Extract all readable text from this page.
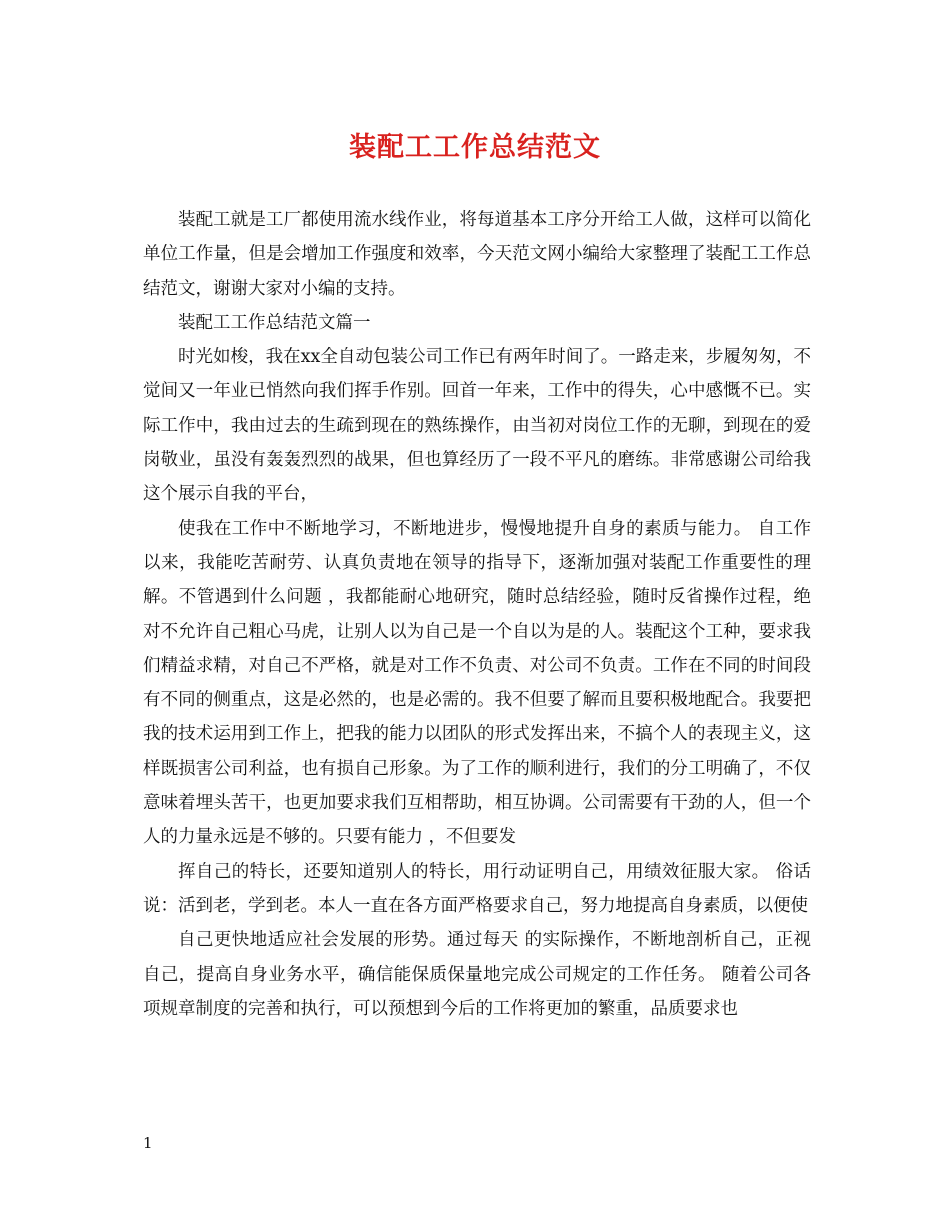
装配工工作总结范文

装配工就是工厂都使用流水线作业，将每道基本工序分开给工人做，这样可以简化单位工作量，但是会增加工作强度和效率，今天范文网小编给大家整理了装配工工作总结范文，谢谢大家对小编的支持。

装配工工作总结范文篇一

时光如梭，我在xx全自动包装公司工作已有两年时间了。一路走来，步履匆匆，不觉间又一年业已悄然向我们挥手作别。回首一年来，工作中的得失，心中感慨不已。实际工作中，我由过去的生疏到现在的熟练操作，由当初对岗位工作的无聊，到现在的爱岗敬业，虽没有轰轰烈烈的战果，但也算经历了一段不平凡的磨练。非常感谢公司给我这个展示自我的平台，

使我在工作中不断地学习，不断地进步，慢慢地提升自身的素质与能力。 自工作以来，我能吃苦耐劳、认真负责地在领导的指导下，逐渐加强对装配工作重要性的理解。不管遇到什么问题 ，我都能耐心地研究，随时总结经验，随时反省操作过程，绝对不允许自己粗心马虎，让别人以为自己是一个自以为是的人。装配这个工种，要求我们精益求精，对自己不严格，就是对工作不负责、对公司不负责。工作在不同的时间段有不同的侧重点，这是必然的，也是必需的。我不但要了解而且要积极地配合。我要把我的技术运用到工作上，把我的能力以团队的形式发挥出来，不搞个人的表现主义，这样既损害公司利益，也有损自己形象。为了工作的顺利进行，我们的分工明确了，不仅意味着埋头苦干，也更加要求我们互相帮助，相互协调。公司需要有干劲的人，但一个人的力量永远是不够的。只要有能力 ，不但要发

挥自己的特长，还要知道别人的特长，用行动证明自己，用绩效征服大家。 俗话说：活到老，学到老。本人一直在各方面严格要求自己，努力地提高自身素质，以便使

自己更快地适应社会发展的形势。通过每天 的实际操作，不断地剖析自己，正视自己，提高自身业务水平，确信能保质保量地完成公司规定的工作任务。 随着公司各项规章制度的完善和执行，可以预想到今后的工作将更加的繁重，品质要求也

1
